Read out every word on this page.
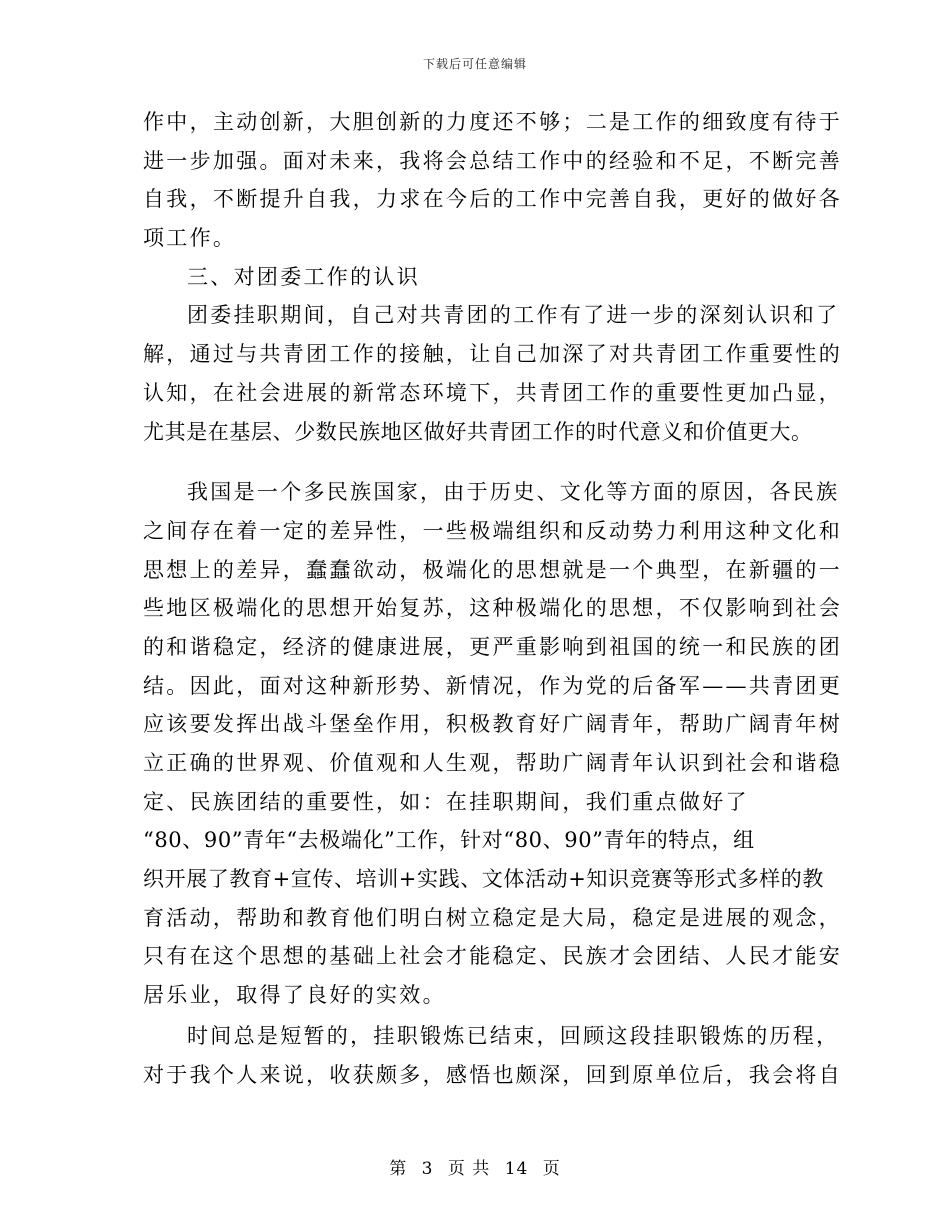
下载后可任意编辑
作中，主动创新，大胆创新的力度还不够；二是工作的细致度有待于
进一步加强。面对未来，我将会总结工作中的经验和不足，不断完善
自我，不断提升自我，力求在今后的工作中完善自我，更好的做好各
项工作。
三、对团委工作的认识
团委挂职期间，自己对共青团的工作有了进一步的深刻认识和了
解，通过与共青团工作的接触，让自己加深了对共青团工作重要性的
认知，在社会进展的新常态环境下，共青团工作的重要性更加凸显，
尤其是在基层、少数民族地区做好共青团工作的时代意义和价值更大。
我国是一个多民族国家，由于历史、文化等方面的原因，各民族
之间存在着一定的差异性，一些极端组织和反动势力利用这种文化和
思想上的差异，蠢蠢欲动，极端化的思想就是一个典型，在新疆的一
些地区极端化的思想开始复苏，这种极端化的思想，不仅影响到社会
的和谐稳定，经济的健康进展，更严重影响到祖国的统一和民族的团
结。因此，面对这种新形势、新情况，作为党的后备军——共青团更
应该要发挥出战斗堡垒作用，积极教育好广阔青年，帮助广阔青年树
立正确的世界观、价值观和人生观，帮助广阔青年认识到社会和谐稳
定、民族团结的重要性，如：在挂职期间，我们重点做好了
“80、90”青年“去极端化”工作，针对“80、90”青年的特点，组
织开展了教育+宣传、培训+实践、文体活动+知识竞赛等形式多样的教
育活动，帮助和教育他们明白树立稳定是大局，稳定是进展的观念，
只有在这个思想的基础上社会才能稳定、民族才会团结、人民才能安
居乐业，取得了良好的实效。
时间总是短暂的，挂职锻炼已结束，回顾这段挂职锻炼的历程，
对于我个人来说，收获颇多，感悟也颇深，回到原单位后，我会将自
第 3 页 共 14 页
